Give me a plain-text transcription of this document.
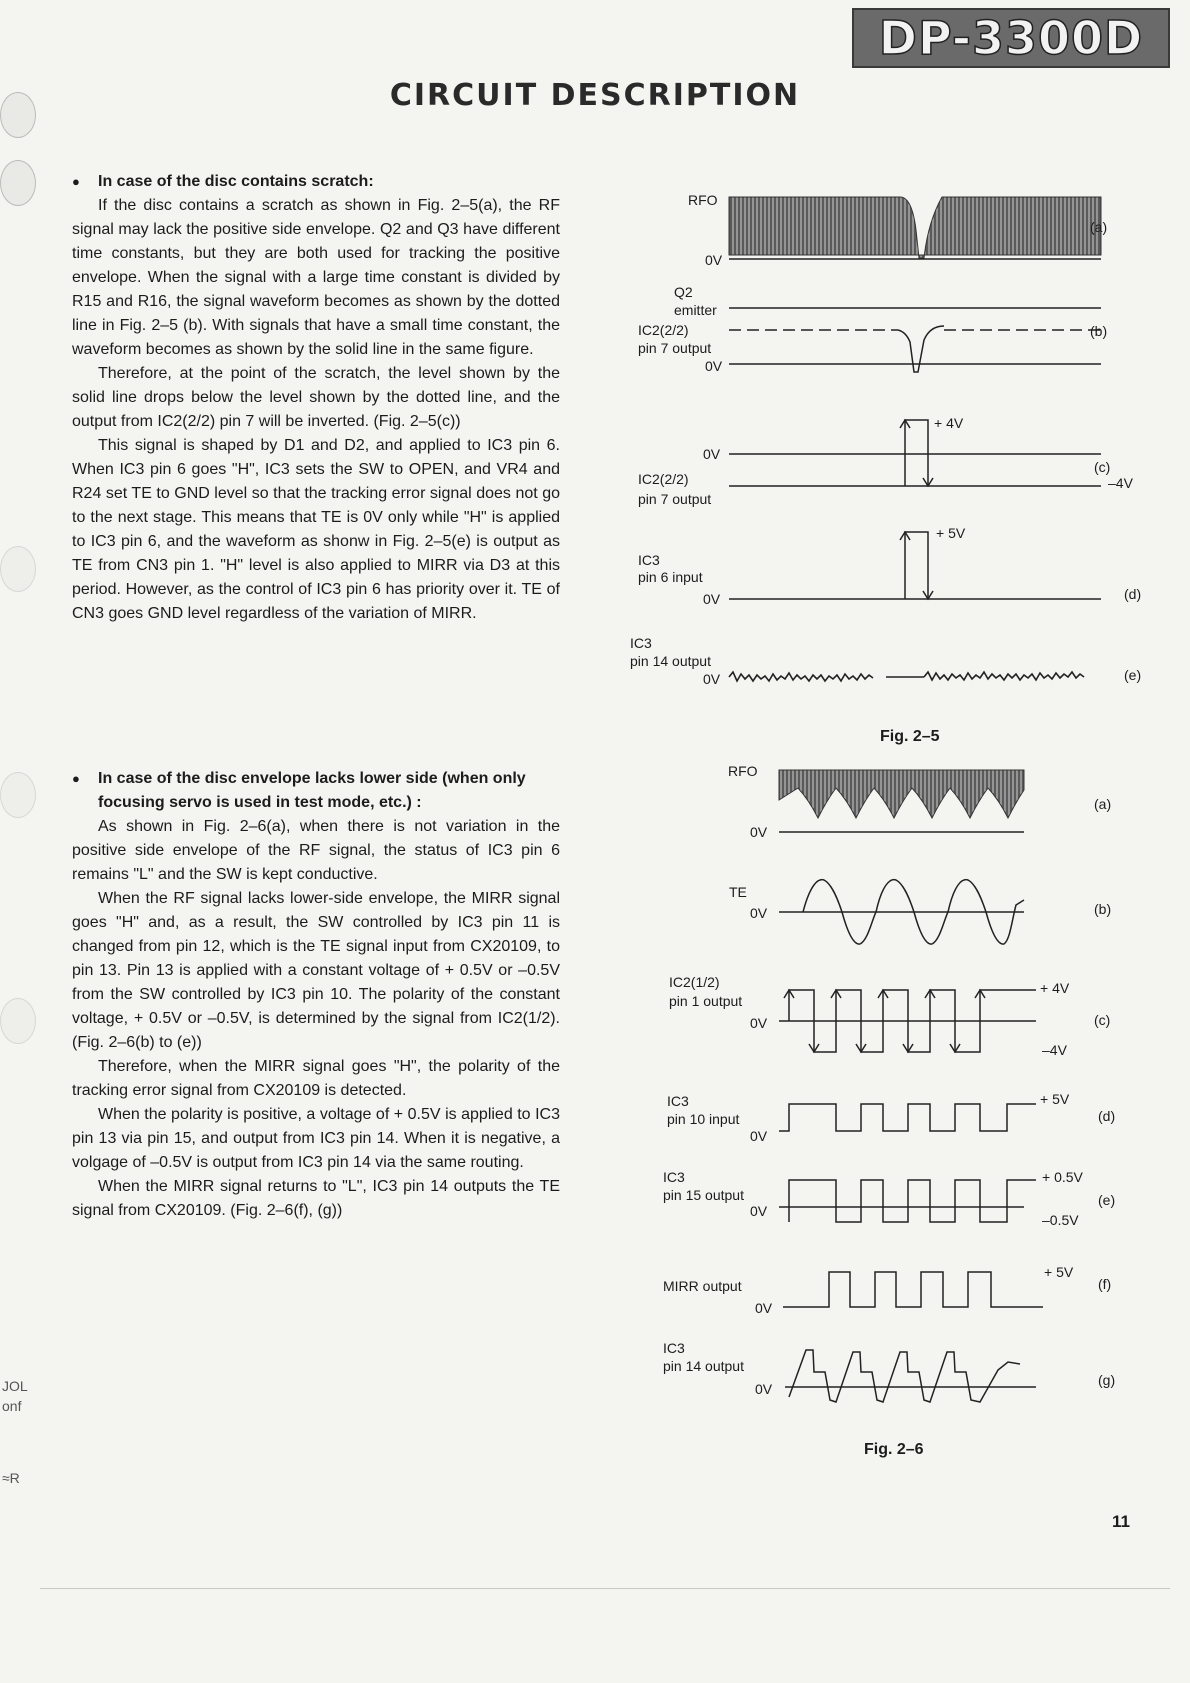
DP-3300D
CIRCUIT DESCRIPTION
JOL
onf
≈R
●	In case of the disc contains scratch:

If the disc contains a scratch as shown in Fig. 2–5(a), the RF signal may lack the positive side envelope. Q2 and Q3 have different time constants, but they are both used for tracking the positive envelope. When the signal with a large time constant is divided by R15 and R16, the signal waveform becomes as shown by the dotted line in Fig. 2–5 (b). With signals that have a small time constant, the waveform becomes as shown by the solid line in the same figure.

Therefore, at the point of the scratch, the level shown by the solid line drops below the level shown by the dotted line, and the output from IC2(2/2) pin 7 will be inverted. (Fig. 2–5(c))

This signal is shaped by D1 and D2, and applied to IC3 pin 6. When IC3 pin 6 goes "H", IC3 sets the SW to OPEN, and VR4 and R24 set TE to GND level so that the tracking error signal does not go to the next stage. This means that TE is 0V only while "H" is applied to IC3 pin 6, and the waveform as shonw in Fig. 2–5(e) is output as TE from CN3 pin 1. "H" level is also applied to MIRR via D3 at this period. However, as the control of IC3 pin 6 has priority over it. TE of CN3 goes GND level regardless of the variation of MIRR.

●	In case of the disc envelope lacks lower side (when only focusing servo is used in test mode, etc.) :

As shown in Fig. 2–6(a), when there is not variation in the positive side envelope of the RF signal, the status of IC3 pin 6 remains "L" and the SW is kept conductive.

When the RF signal lacks lower-side envelope, the MIRR signal goes "H" and, as a result, the SW controlled by IC3 pin 11 is changed from pin 12, which is the TE signal input from CX20109, to pin 13. Pin 13 is applied with a constant voltage of + 0.5V or –0.5V from the SW controlled by IC3 pin 10. The polarity of the constant voltage, + 0.5V or –0.5V, is determined by the signal from IC2(1/2). (Fig. 2–6(b) to (e))

Therefore, when the MIRR signal goes "H", the polarity of the tracking error signal from CX20109 is detected.

When the polarity is positive, a voltage of + 0.5V is applied to IC3 pin 13 via pin 15, and output from IC3 pin 14. When it is negative, a volgage of –0.5V is output from IC3 pin 14 via the same routing.

When the MIRR signal returns to "L", IC3 pin 14 outputs the TE signal from CX20109. (Fig. 2–6(f), (g))

RFO
0V
(a)
Q2
emitter
IC2(2/2)
pin 7 output
0V
(b)
+ 4V
0V
IC2(2/2)
pin 7 output
(c)
–4V
+ 5V
IC3
pin 6 input
0V	(d)
IC3
pin 14 output
0V	(e)
Fig. 2–5
RFO
0V
(a)
TE
0V	(b)
IC2(1/2)
pin 1 output
0V
+ 4V
–4V
(c)
IC3
pin 10 input
0V
+ 5V
(d)
IC3
pin 15 output
0V
+ 0.5V
–0.5V
(e)
+ 5V
MIRR output
0V
(f)
IC3
pin 14 output
0V
(g)
Fig. 2–6
11
